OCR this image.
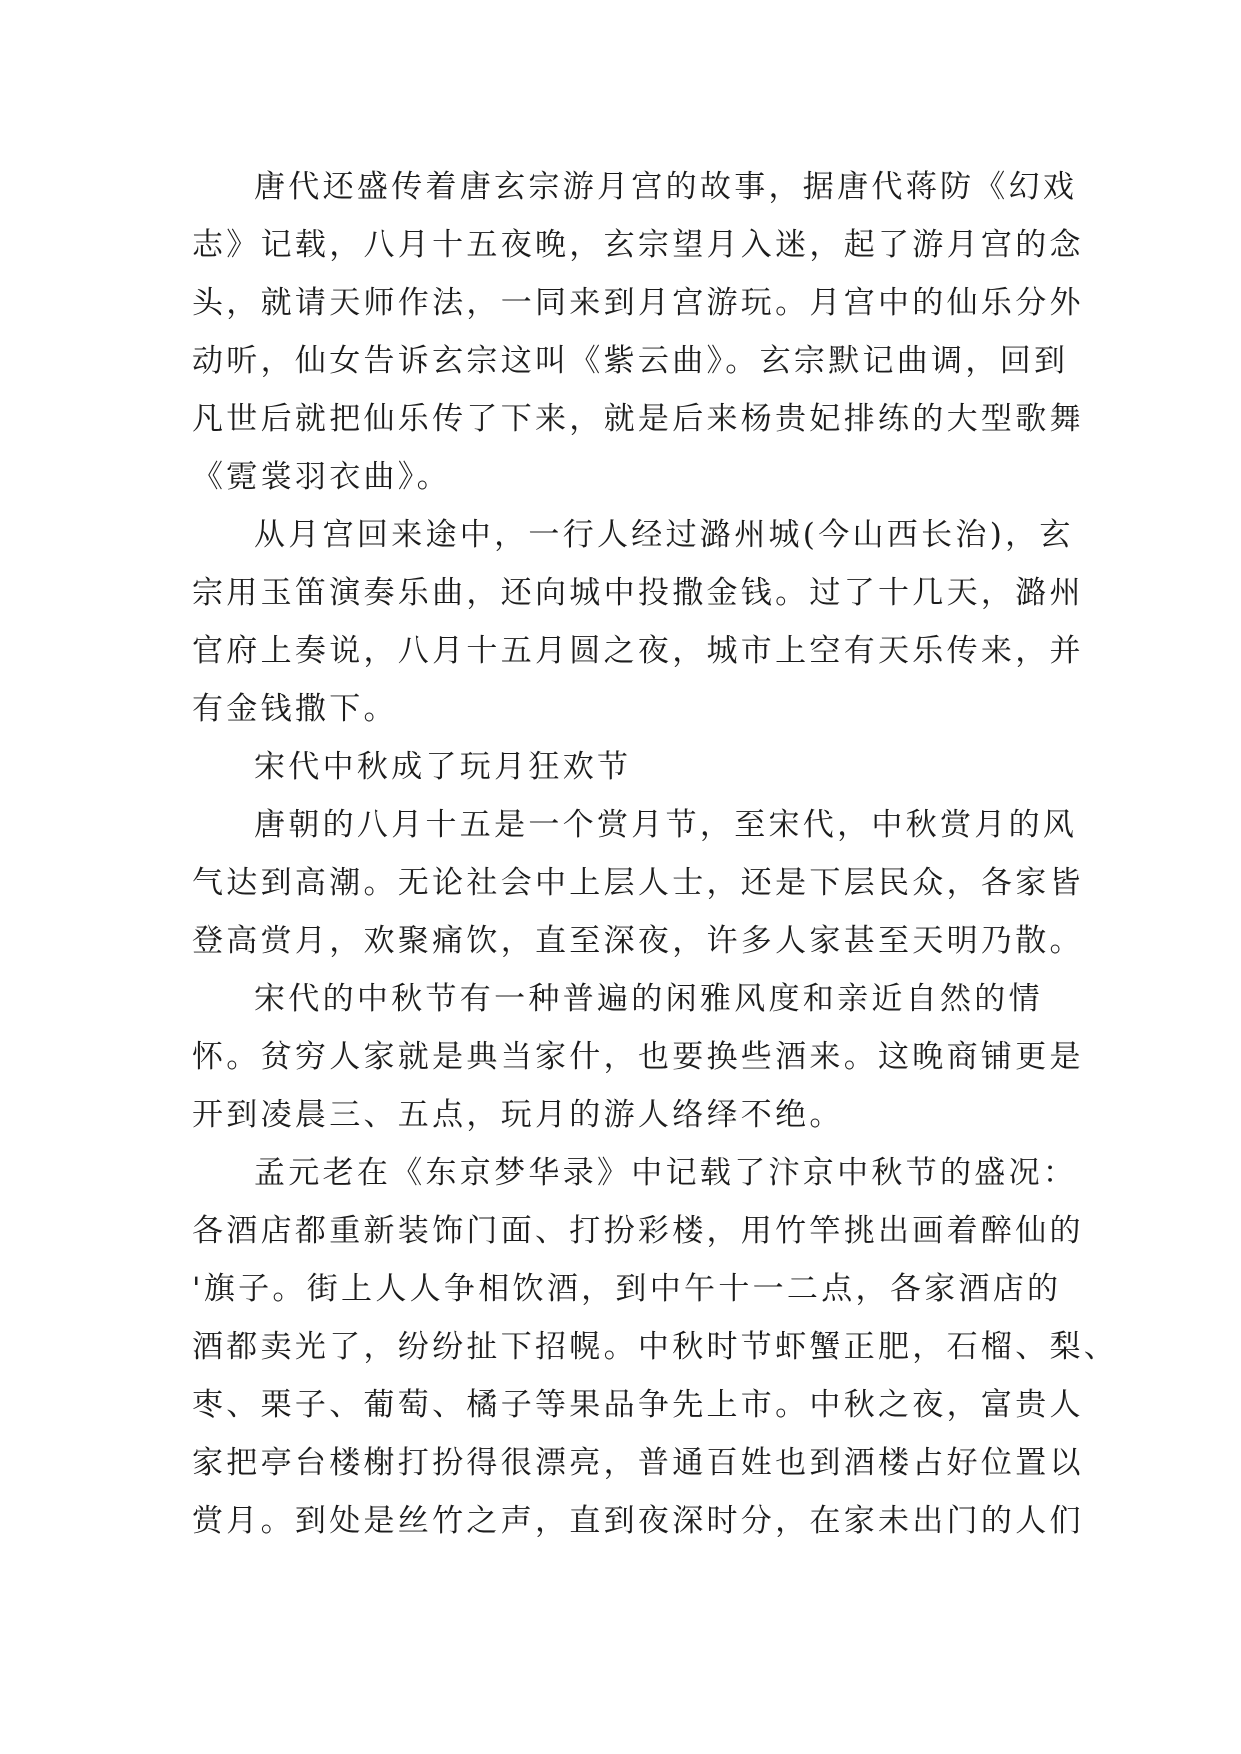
唐代还盛传着唐玄宗游月宫的故事，据唐代蒋防《幻戏
志》记载，八月十五夜晚，玄宗望月入迷，起了游月宫的念
头，就请天师作法，一同来到月宫游玩。月宫中的仙乐分外
动听，仙女告诉玄宗这叫《紫云曲》。玄宗默记曲调，回到
凡世后就把仙乐传了下来，就是后来杨贵妃排练的大型歌舞
《霓裳羽衣曲》。

从月宫回来途中，一行人经过潞州城(今山西长治)，玄
宗用玉笛演奏乐曲，还向城中投撒金钱。过了十几天，潞州
官府上奏说，八月十五月圆之夜，城市上空有天乐传来，并
有金钱撒下。

宋代中秋成了玩月狂欢节

唐朝的八月十五是一个赏月节，至宋代，中秋赏月的风
气达到高潮。无论社会中上层人士，还是下层民众，各家皆
登高赏月，欢聚痛饮，直至深夜，许多人家甚至天明乃散。

宋代的中秋节有一种普遍的闲雅风度和亲近自然的情
怀。贫穷人家就是典当家什，也要换些酒来。这晚商铺更是
开到凌晨三、五点，玩月的游人络绎不绝。

孟元老在《东京梦华录》中记载了汴京中秋节的盛况：
各酒店都重新装饰门面、打扮彩楼，用竹竿挑出画着醉仙的
'旗子。街上人人争相饮酒，到中午十一二点，各家酒店的
酒都卖光了，纷纷扯下招幌。中秋时节虾蟹正肥，石榴、梨、
枣、栗子、葡萄、橘子等果品争先上市。中秋之夜，富贵人
家把亭台楼榭打扮得很漂亮，普通百姓也到酒楼占好位置以
赏月。到处是丝竹之声，直到夜深时分，在家未出门的人们
